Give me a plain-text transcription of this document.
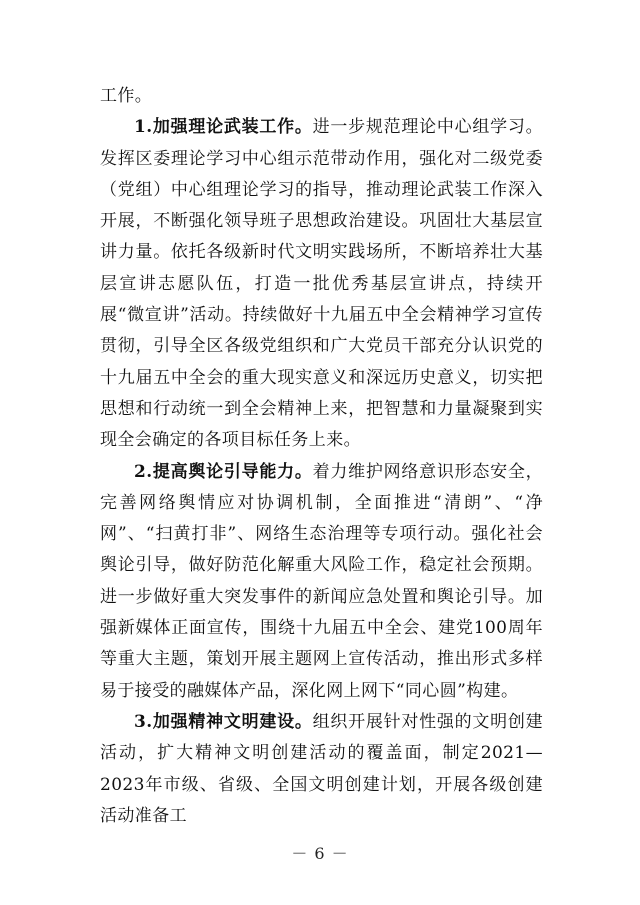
工作。

1.加强理论武装工作。进一步规范理论中心组学习。发挥区委理论学习中心组示范带动作用，强化对二级党委（党组）中心组理论学习的指导，推动理论武装工作深入开展，不断强化领导班子思想政治建设。巩固壮大基层宣讲力量。依托各级新时代文明实践场所，不断培养壮大基层宣讲志愿队伍，打造一批优秀基层宣讲点，持续开展“微宣讲”活动。持续做好十九届五中全会精神学习宣传贯彻，引导全区各级党组织和广大党员干部充分认识党的十九届五中全会的重大现实意义和深远历史意义，切实把思想和行动统一到全会精神上来，把智慧和力量凝聚到实现全会确定的各项目标任务上来。

2.提高舆论引导能力。着力维护网络意识形态安全，完善网络舆情应对协调机制，全面推进“清朗”、“净网”、“扫黄打非”、网络生态治理等专项行动。强化社会舆论引导，做好防范化解重大风险工作，稳定社会预期。进一步做好重大突发事件的新闻应急处置和舆论引导。加强新媒体正面宣传，围绕十九届五中全会、建党100周年等重大主题，策划开展主题网上宣传活动，推出形式多样易于接受的融媒体产品，深化网上网下“同心圆”构建。

3.加强精神文明建设。组织开展针对性强的文明创建活动，扩大精神文明创建活动的覆盖面，制定2021—2023年市级、省级、全国文明创建计划，开展各级创建活动准备工

－ 6 －
